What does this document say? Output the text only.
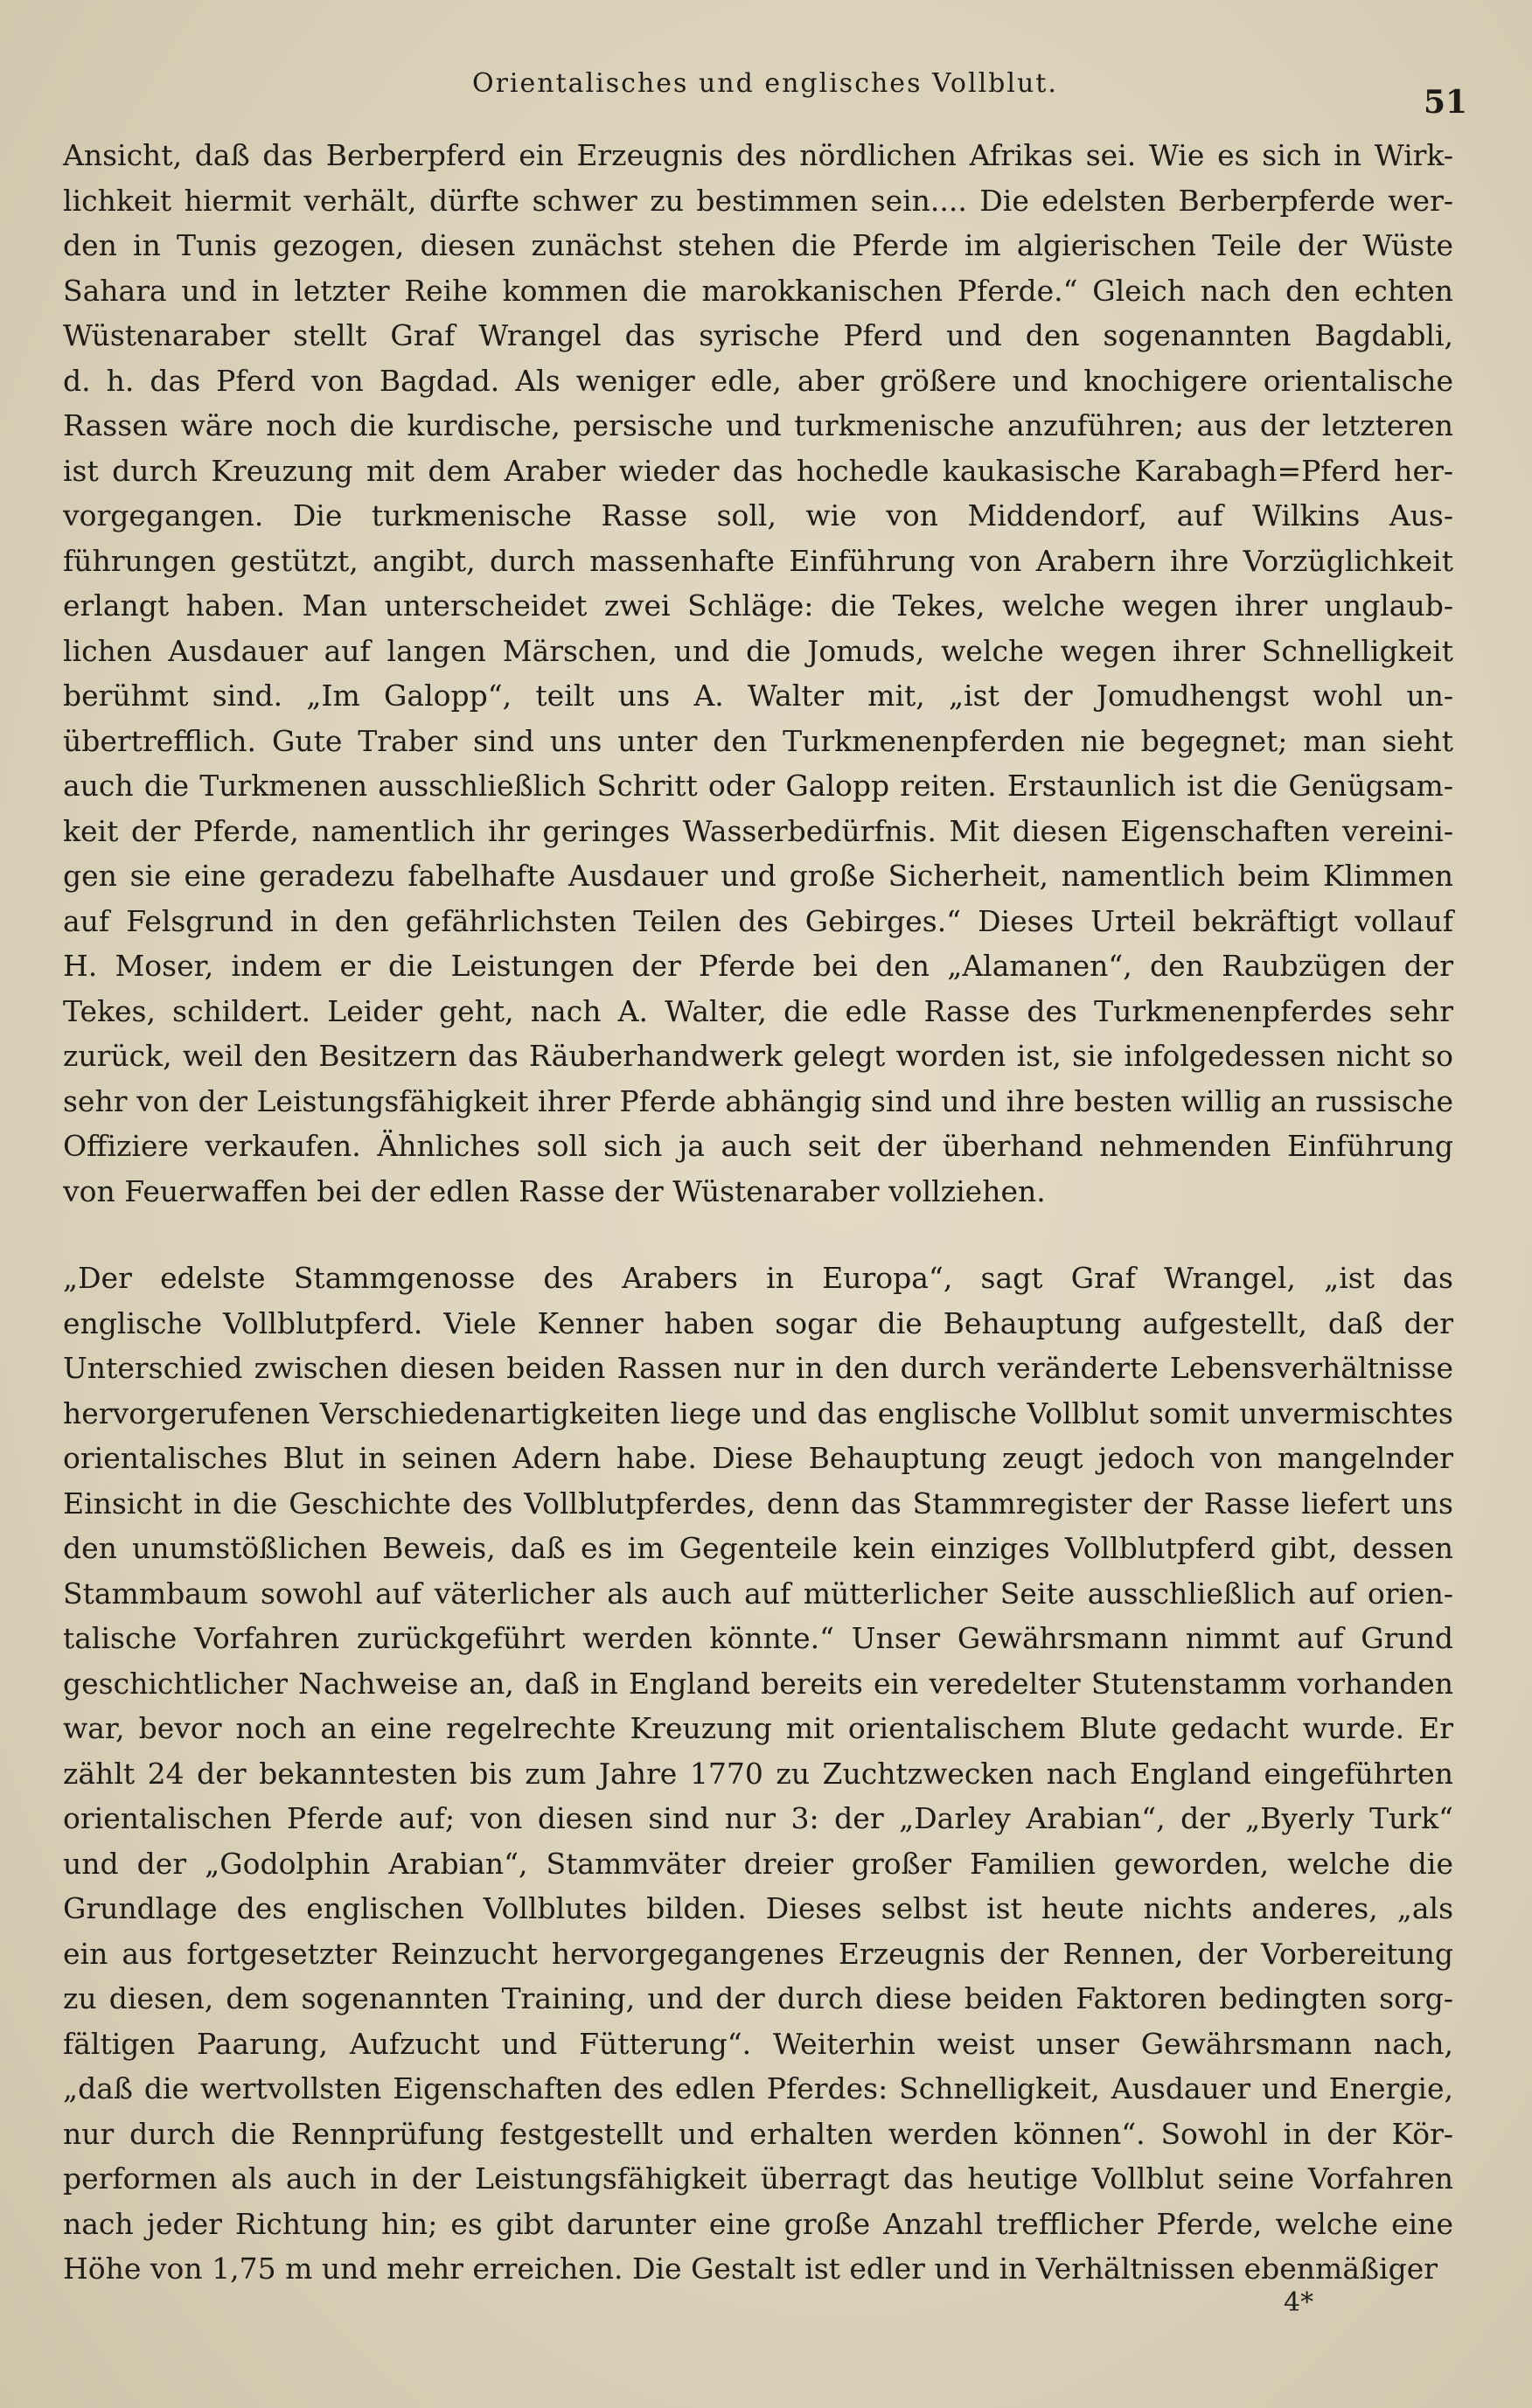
Orientalisches und englisches Vollblut.
51
Ansicht, daß das Berberpferd ein Erzeugnis des nördlichen Afrikas sei. Wie es sich in Wirk-
lichkeit hiermit verhält, dürfte schwer zu bestimmen sein.... Die edelsten Berberpferde wer-
den in Tunis gezogen, diesen zunächst stehen die Pferde im algierischen Teile der Wüste
Sahara und in letzter Reihe kommen die marokkanischen Pferde.“ Gleich nach den echten
Wüstenaraber stellt Graf Wrangel das syrische Pferd und den sogenannten Bagdabli,
d. h. das Pferd von Bagdad. Als weniger edle, aber größere und knochigere orientalische
Rassen wäre noch die kurdische, persische und turkmenische anzuführen; aus der letzteren
ist durch Kreuzung mit dem Araber wieder das hochedle kaukasische Karabagh=Pferd her-
vorgegangen. Die turkmenische Rasse soll, wie von Middendorf, auf Wilkins Aus-
führungen gestützt, angibt, durch massenhafte Einführung von Arabern ihre Vorzüglichkeit
erlangt haben. Man unterscheidet zwei Schläge: die Tekes, welche wegen ihrer unglaub-
lichen Ausdauer auf langen Märschen, und die Jomuds, welche wegen ihrer Schnelligkeit
berühmt sind. „Im Galopp“, teilt uns A. Walter mit, „ist der Jomudhengst wohl un-
übertrefflich. Gute Traber sind uns unter den Turkmenenpferden nie begegnet; man sieht
auch die Turkmenen ausschließlich Schritt oder Galopp reiten. Erstaunlich ist die Genügsam-
keit der Pferde, namentlich ihr geringes Wasserbedürfnis. Mit diesen Eigenschaften vereini-
gen sie eine geradezu fabelhafte Ausdauer und große Sicherheit, namentlich beim Klimmen
auf Felsgrund in den gefährlichsten Teilen des Gebirges.“ Dieses Urteil bekräftigt vollauf
H. Moser, indem er die Leistungen der Pferde bei den „Alamanen“, den Raubzügen der
Tekes, schildert. Leider geht, nach A. Walter, die edle Rasse des Turkmenenpferdes sehr
zurück, weil den Besitzern das Räuberhandwerk gelegt worden ist, sie infolgedessen nicht so
sehr von der Leistungsfähigkeit ihrer Pferde abhängig sind und ihre besten willig an russische
Offiziere verkaufen. Ähnliches soll sich ja auch seit der überhand nehmenden Einführung
von Feuerwaffen bei der edlen Rasse der Wüstenaraber vollziehen.
„Der edelste Stammgenosse des Arabers in Europa“, sagt Graf Wrangel, „ist das
englische Vollblutpferd. Viele Kenner haben sogar die Behauptung aufgestellt, daß der
Unterschied zwischen diesen beiden Rassen nur in den durch veränderte Lebensverhältnisse
hervorgerufenen Verschiedenartigkeiten liege und das englische Vollblut somit unvermischtes
orientalisches Blut in seinen Adern habe. Diese Behauptung zeugt jedoch von mangelnder
Einsicht in die Geschichte des Vollblutpferdes, denn das Stammregister der Rasse liefert uns
den unumstößlichen Beweis, daß es im Gegenteile kein einziges Vollblutpferd gibt, dessen
Stammbaum sowohl auf väterlicher als auch auf mütterlicher Seite ausschließlich auf orien-
talische Vorfahren zurückgeführt werden könnte.“ Unser Gewährsmann nimmt auf Grund
geschichtlicher Nachweise an, daß in England bereits ein veredelter Stutenstamm vorhanden
war, bevor noch an eine regelrechte Kreuzung mit orientalischem Blute gedacht wurde. Er
zählt 24 der bekanntesten bis zum Jahre 1770 zu Zuchtzwecken nach England eingeführten
orientalischen Pferde auf; von diesen sind nur 3: der „Darley Arabian“, der „Byerly Turk“
und der „Godolphin Arabian“, Stammväter dreier großer Familien geworden, welche die
Grundlage des englischen Vollblutes bilden. Dieses selbst ist heute nichts anderes, „als
ein aus fortgesetzter Reinzucht hervorgegangenes Erzeugnis der Rennen, der Vorbereitung
zu diesen, dem sogenannten Training, und der durch diese beiden Faktoren bedingten sorg-
fältigen Paarung, Aufzucht und Fütterung“. Weiterhin weist unser Gewährsmann nach,
„daß die wertvollsten Eigenschaften des edlen Pferdes: Schnelligkeit, Ausdauer und Energie,
nur durch die Rennprüfung festgestellt und erhalten werden können“. Sowohl in der Kör-
performen als auch in der Leistungsfähigkeit überragt das heutige Vollblut seine Vorfahren
nach jeder Richtung hin; es gibt darunter eine große Anzahl trefflicher Pferde, welche eine
Höhe von 1,75 m und mehr erreichen. Die Gestalt ist edler und in Verhältnissen ebenmäßiger
4*
